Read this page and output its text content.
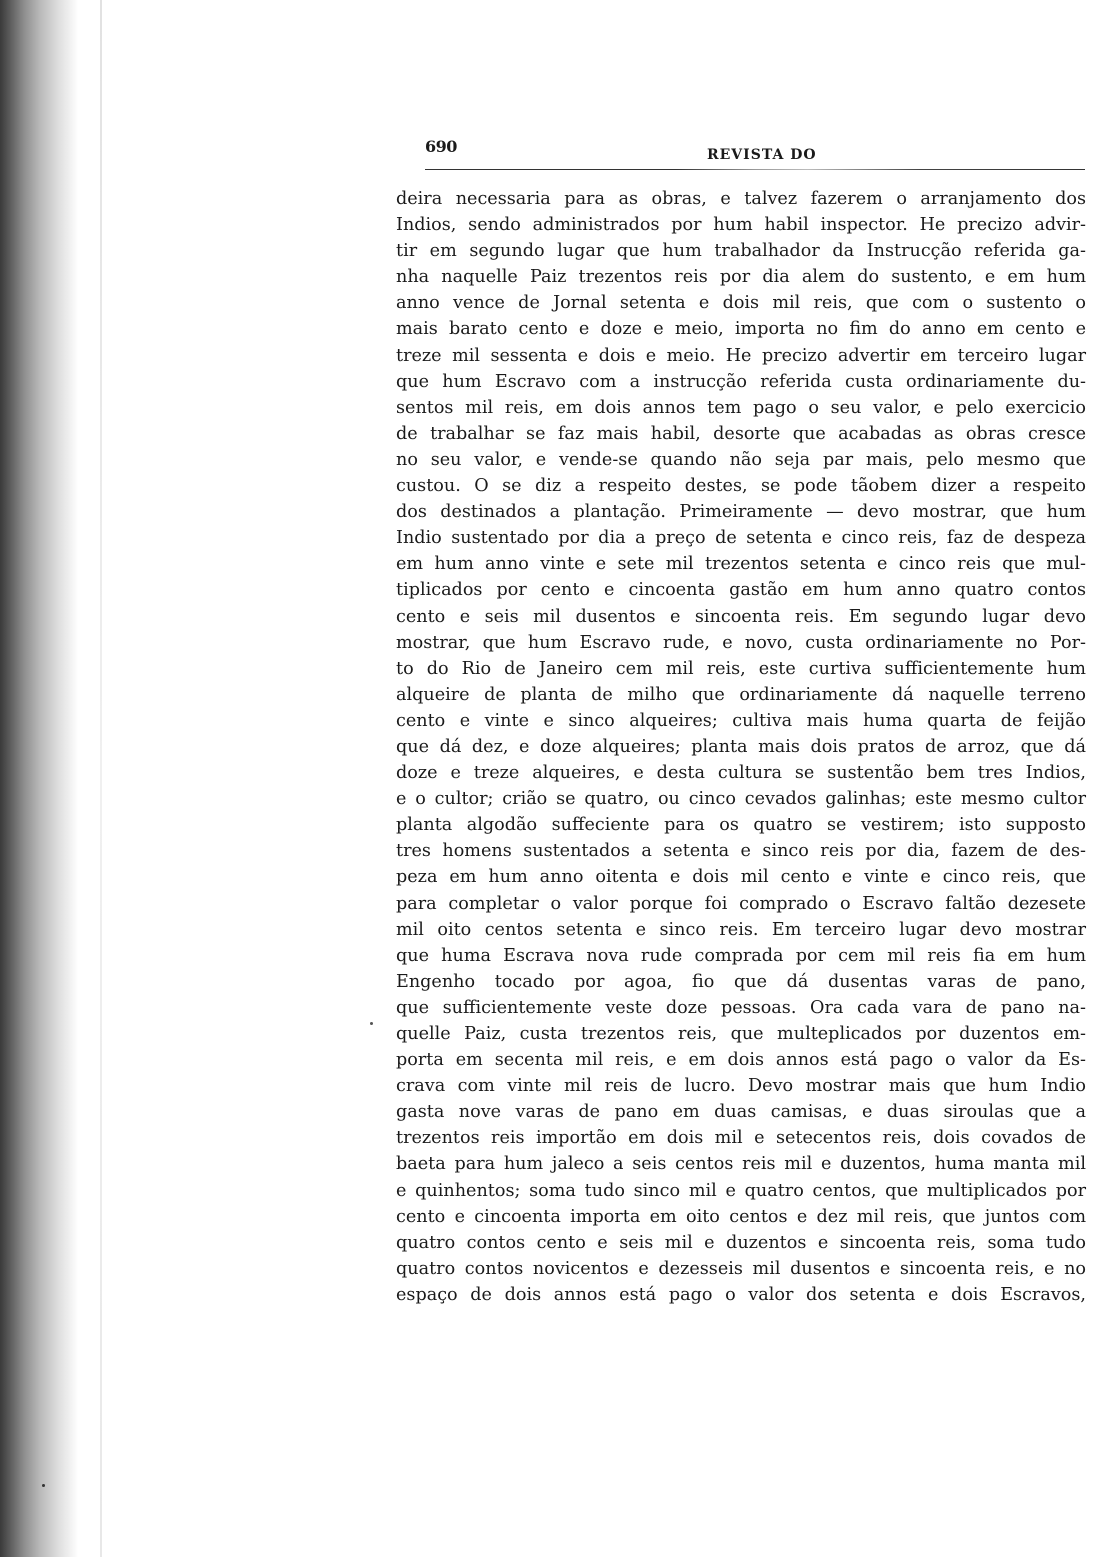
690	REVISTA DO
deira necessaria para as obras, e talvez fazerem o arranjamento dos
Indios, sendo administrados por hum habil inspector. He precizo advir-
tir em segundo lugar que hum trabalhador da Instrucção referida ga-
nha naquelle Paiz trezentos reis por dia alem do sustento, e em hum
anno vence de Jornal setenta e dois mil reis, que com o sustento o
mais barato cento e doze e meio, importa no fim do anno em cento e
treze mil sessenta e dois e meio. He precizo advertir em terceiro lugar
que hum Escravo com a instrucção referida custa ordinariamente du-
sentos mil reis, em dois annos tem pago o seu valor, e pelo exercicio
de trabalhar se faz mais habil, desorte que acabadas as obras cresce
no seu valor, e vende-se quando não seja par mais, pelo mesmo que
custou. O se diz a respeito destes, se pode tãobem dizer a respeito
dos destinados a plantação. Primeiramente — devo mostrar, que hum
Indio sustentado por dia a preço de setenta e cinco reis, faz de despeza
em hum anno vinte e sete mil trezentos setenta e cinco reis que mul-
tiplicados por cento e cincoenta gastão em hum anno quatro contos
cento e seis mil dusentos e sincoenta reis. Em segundo lugar devo
mostrar, que hum Escravo rude, e novo, custa ordinariamente no Por-
to do Rio de Janeiro cem mil reis, este curtiva sufficientemente hum
alqueire de planta de milho que ordinariamente dá naquelle terreno
cento e vinte e sinco alqueires; cultiva mais huma quarta de feijão
que dá dez, e doze alqueires; planta mais dois pratos de arroz, que dá
doze e treze alqueires, e desta cultura se sustentão bem tres Indios,
e o cultor; crião se quatro, ou cinco cevados galinhas; este mesmo cultor
planta algodão suffeciente para os quatro se vestirem; isto supposto
tres homens sustentados a setenta e sinco reis por dia, fazem de des-
peza em hum anno oitenta e dois mil cento e vinte e cinco reis, que
para completar o valor porque foi comprado o Escravo faltão dezesete
mil oito centos setenta e sinco reis. Em terceiro lugar devo mostrar
que huma Escrava nova rude comprada por cem mil reis fia em hum
Engenho tocado por agoa, fio que dá dusentas varas de pano,
que sufficientemente veste doze pessoas. Ora cada vara de pano na-
quelle Paiz, custa trezentos reis, que multeplicados por duzentos em-
porta em secenta mil reis, e em dois annos está pago o valor da Es-
crava com vinte mil reis de lucro. Devo mostrar mais que hum Indio
gasta nove varas de pano em duas camisas, e duas siroulas que a
trezentos reis importão em dois mil e setecentos reis, dois covados de
baeta para hum jaleco a seis centos reis mil e duzentos, huma manta mil
e quinhentos; soma tudo sinco mil e quatro centos, que multiplicados por
cento e cincoenta importa em oito centos e dez mil reis, que juntos com
quatro contos cento e seis mil e duzentos e sincoenta reis, soma tudo
quatro contos novicentos e dezesseis mil dusentos e sincoenta reis, e no
espaço de dois annos está pago o valor dos setenta e dois Escravos,
